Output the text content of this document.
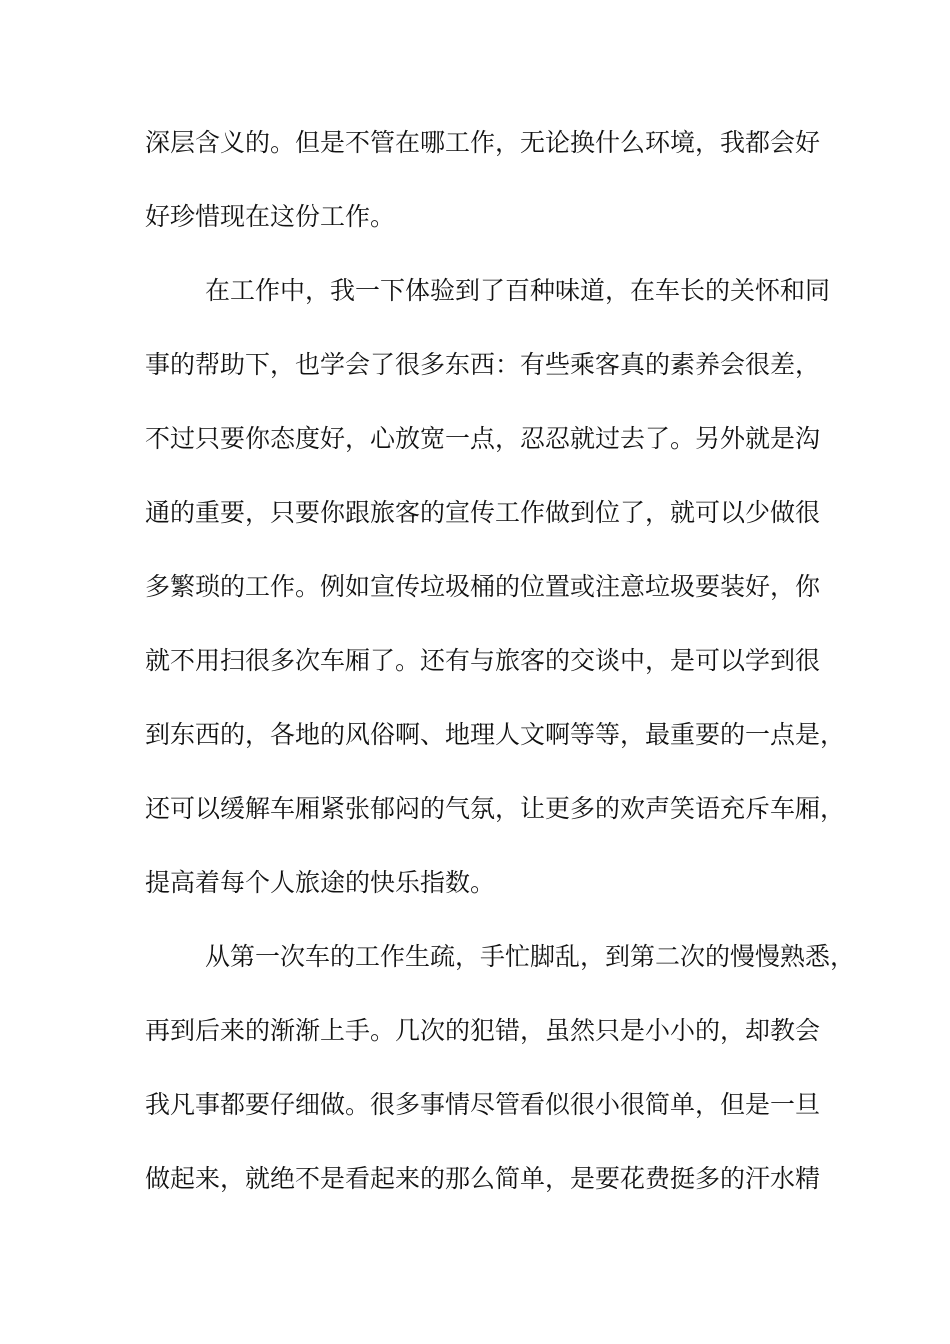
深层含义的。但是不管在哪工作，无论换什么环境，我都会好
好珍惜现在这份工作。
在工作中，我一下体验到了百种味道，在车长的关怀和同
事的帮助下，也学会了很多东西：有些乘客真的素养会很差，
不过只要你态度好，心放宽一点，忍忍就过去了。另外就是沟
通的重要，只要你跟旅客的宣传工作做到位了，就可以少做很
多繁琐的工作。例如宣传垃圾桶的位置或注意垃圾要装好，你
就不用扫很多次车厢了。还有与旅客的交谈中，是可以学到很
到东西的，各地的风俗啊、地理人文啊等等，最重要的一点是，
还可以缓解车厢紧张郁闷的气氛，让更多的欢声笑语充斥车厢，
提高着每个人旅途的快乐指数。
从第一次车的工作生疏，手忙脚乱，到第二次的慢慢熟悉，
再到后来的渐渐上手。几次的犯错，虽然只是小小的，却教会
我凡事都要仔细做。很多事情尽管看似很小很简单，但是一旦
做起来，就绝不是看起来的那么简单，是要花费挺多的汗水精
